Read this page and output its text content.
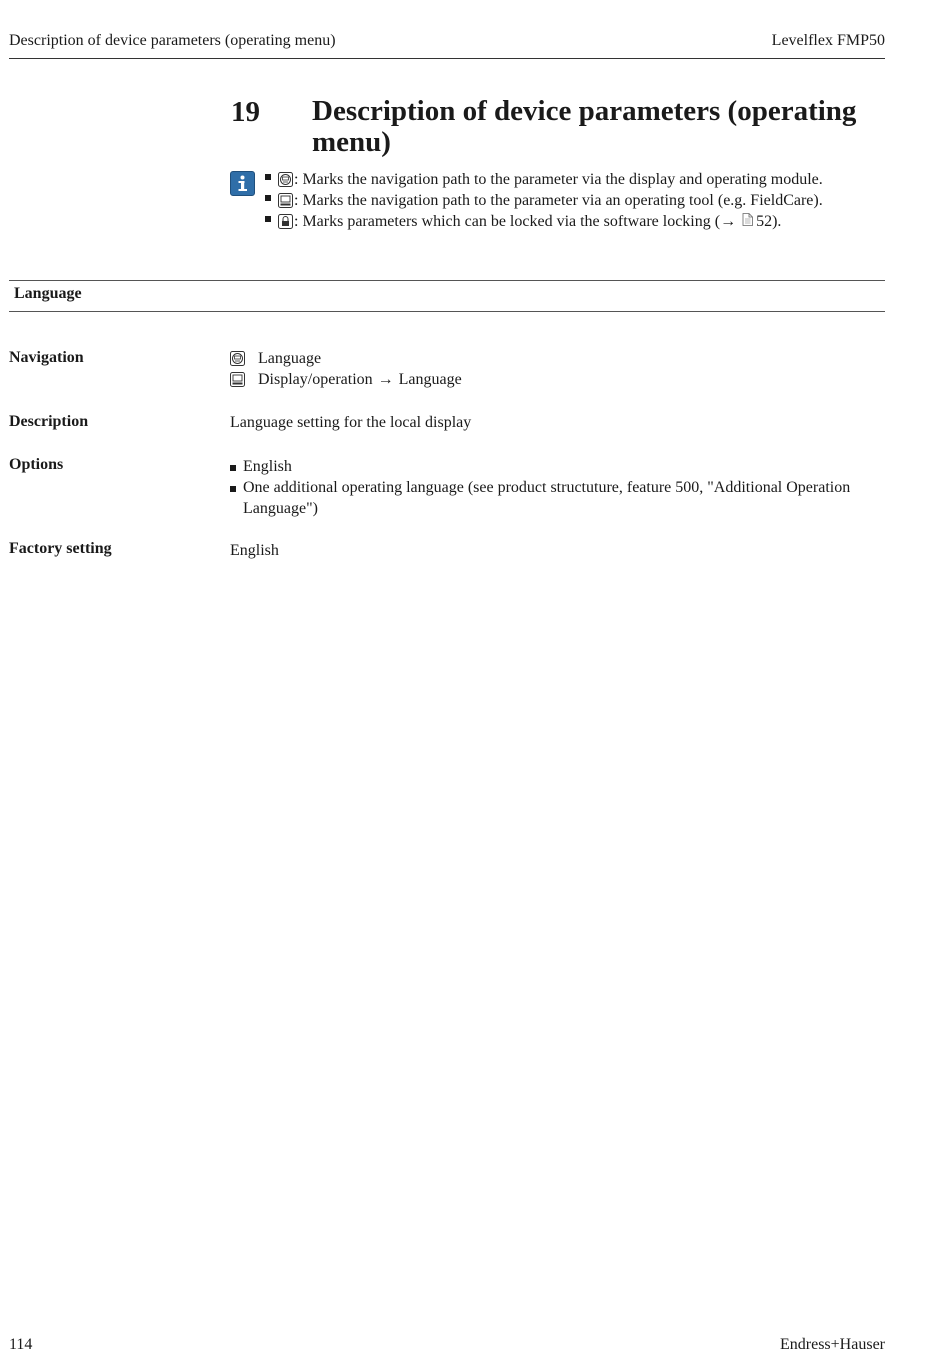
Description of device parameters (operating menu)	Levelflex FMP50
19 Description of device parameters (operating menu)
: Marks the navigation path to the parameter via the display and operating module.
: Marks the navigation path to the parameter via an operating tool (e.g. FieldCare).
: Marks parameters which can be locked via the software locking ( → 52 ).
Language
Navigation	Language
Display/operation → Language
Description	Language setting for the local display
Options	English
One additional operating language (see product structuture, feature 500, "Additional Operation Language")
Factory setting	English
114	Endress+Hauser
